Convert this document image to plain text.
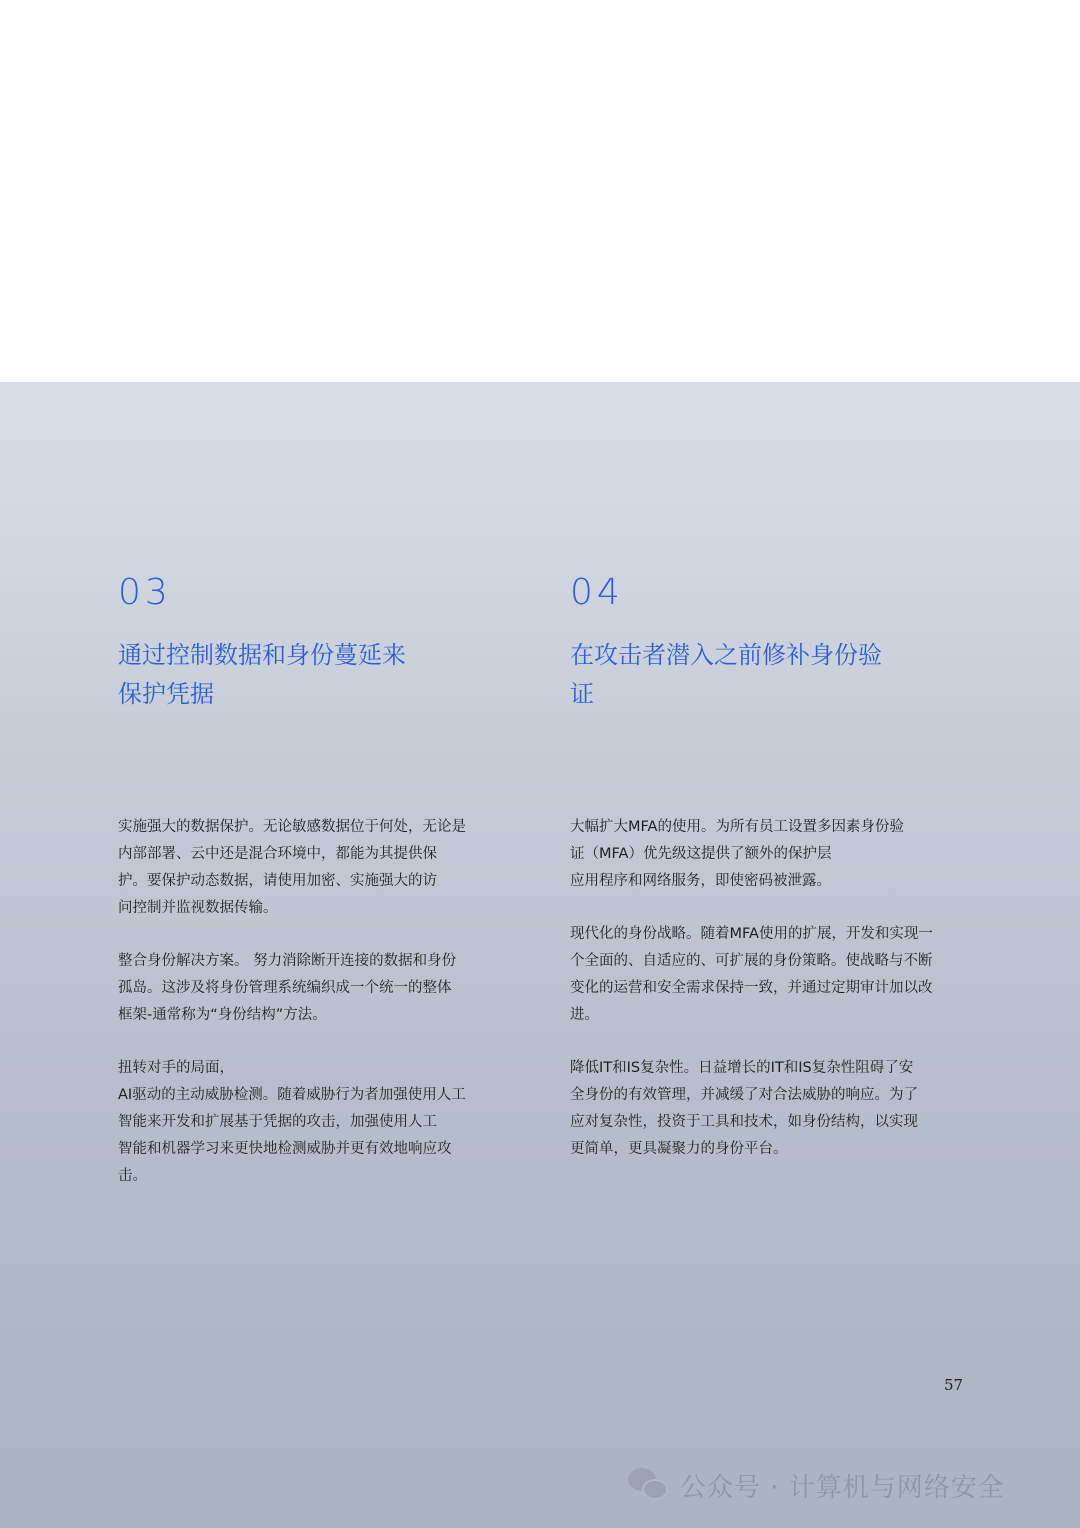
03
通过控制数据和身份蔓延来
保护凭据

实施强大的数据保护。无论敏感数据位于何处，无论是

内部部署、云中还是混合环境中，都能为其提供保

护。要保护动态数据，请使用加密、实施强大的访

问控制并监视数据传输。

整合身份解决方案。 努力消除断开连接的数据和身份

孤岛。这涉及将身份管理系统编织成一个统一的整体

框架-通常称为“身份结构”方法。

扭转对手的局面，

AI驱动的主动威胁检测。随着威胁行为者加强使用人工

智能来开发和扩展基于凭据的攻击，加强使用人工

智能和机器学习来更快地检测威胁并更有效地响应攻

击。

04
在攻击者潜入之前修补身份验
证

大幅扩大MFA的使用。为所有员工设置多因素身份验

证（MFA）优先级这提供了额外的保护层

应用程序和网络服务，即使密码被泄露。

现代化的身份战略。随着MFA使用的扩展，开发和实现一

个全面的、自适应的、可扩展的身份策略。使战略与不断

变化的运营和安全需求保持一致，并通过定期审计加以改

进。

降低IT和IS复杂性。日益增长的IT和IS复杂性阻碍了安

全身份的有效管理，并减缓了对合法威胁的响应。为了

应对复杂性，投资于工具和技术，如身份结构，以实现

更简单，更具凝聚力的身份平台。

57
公众号 · 计算机与网络安全
